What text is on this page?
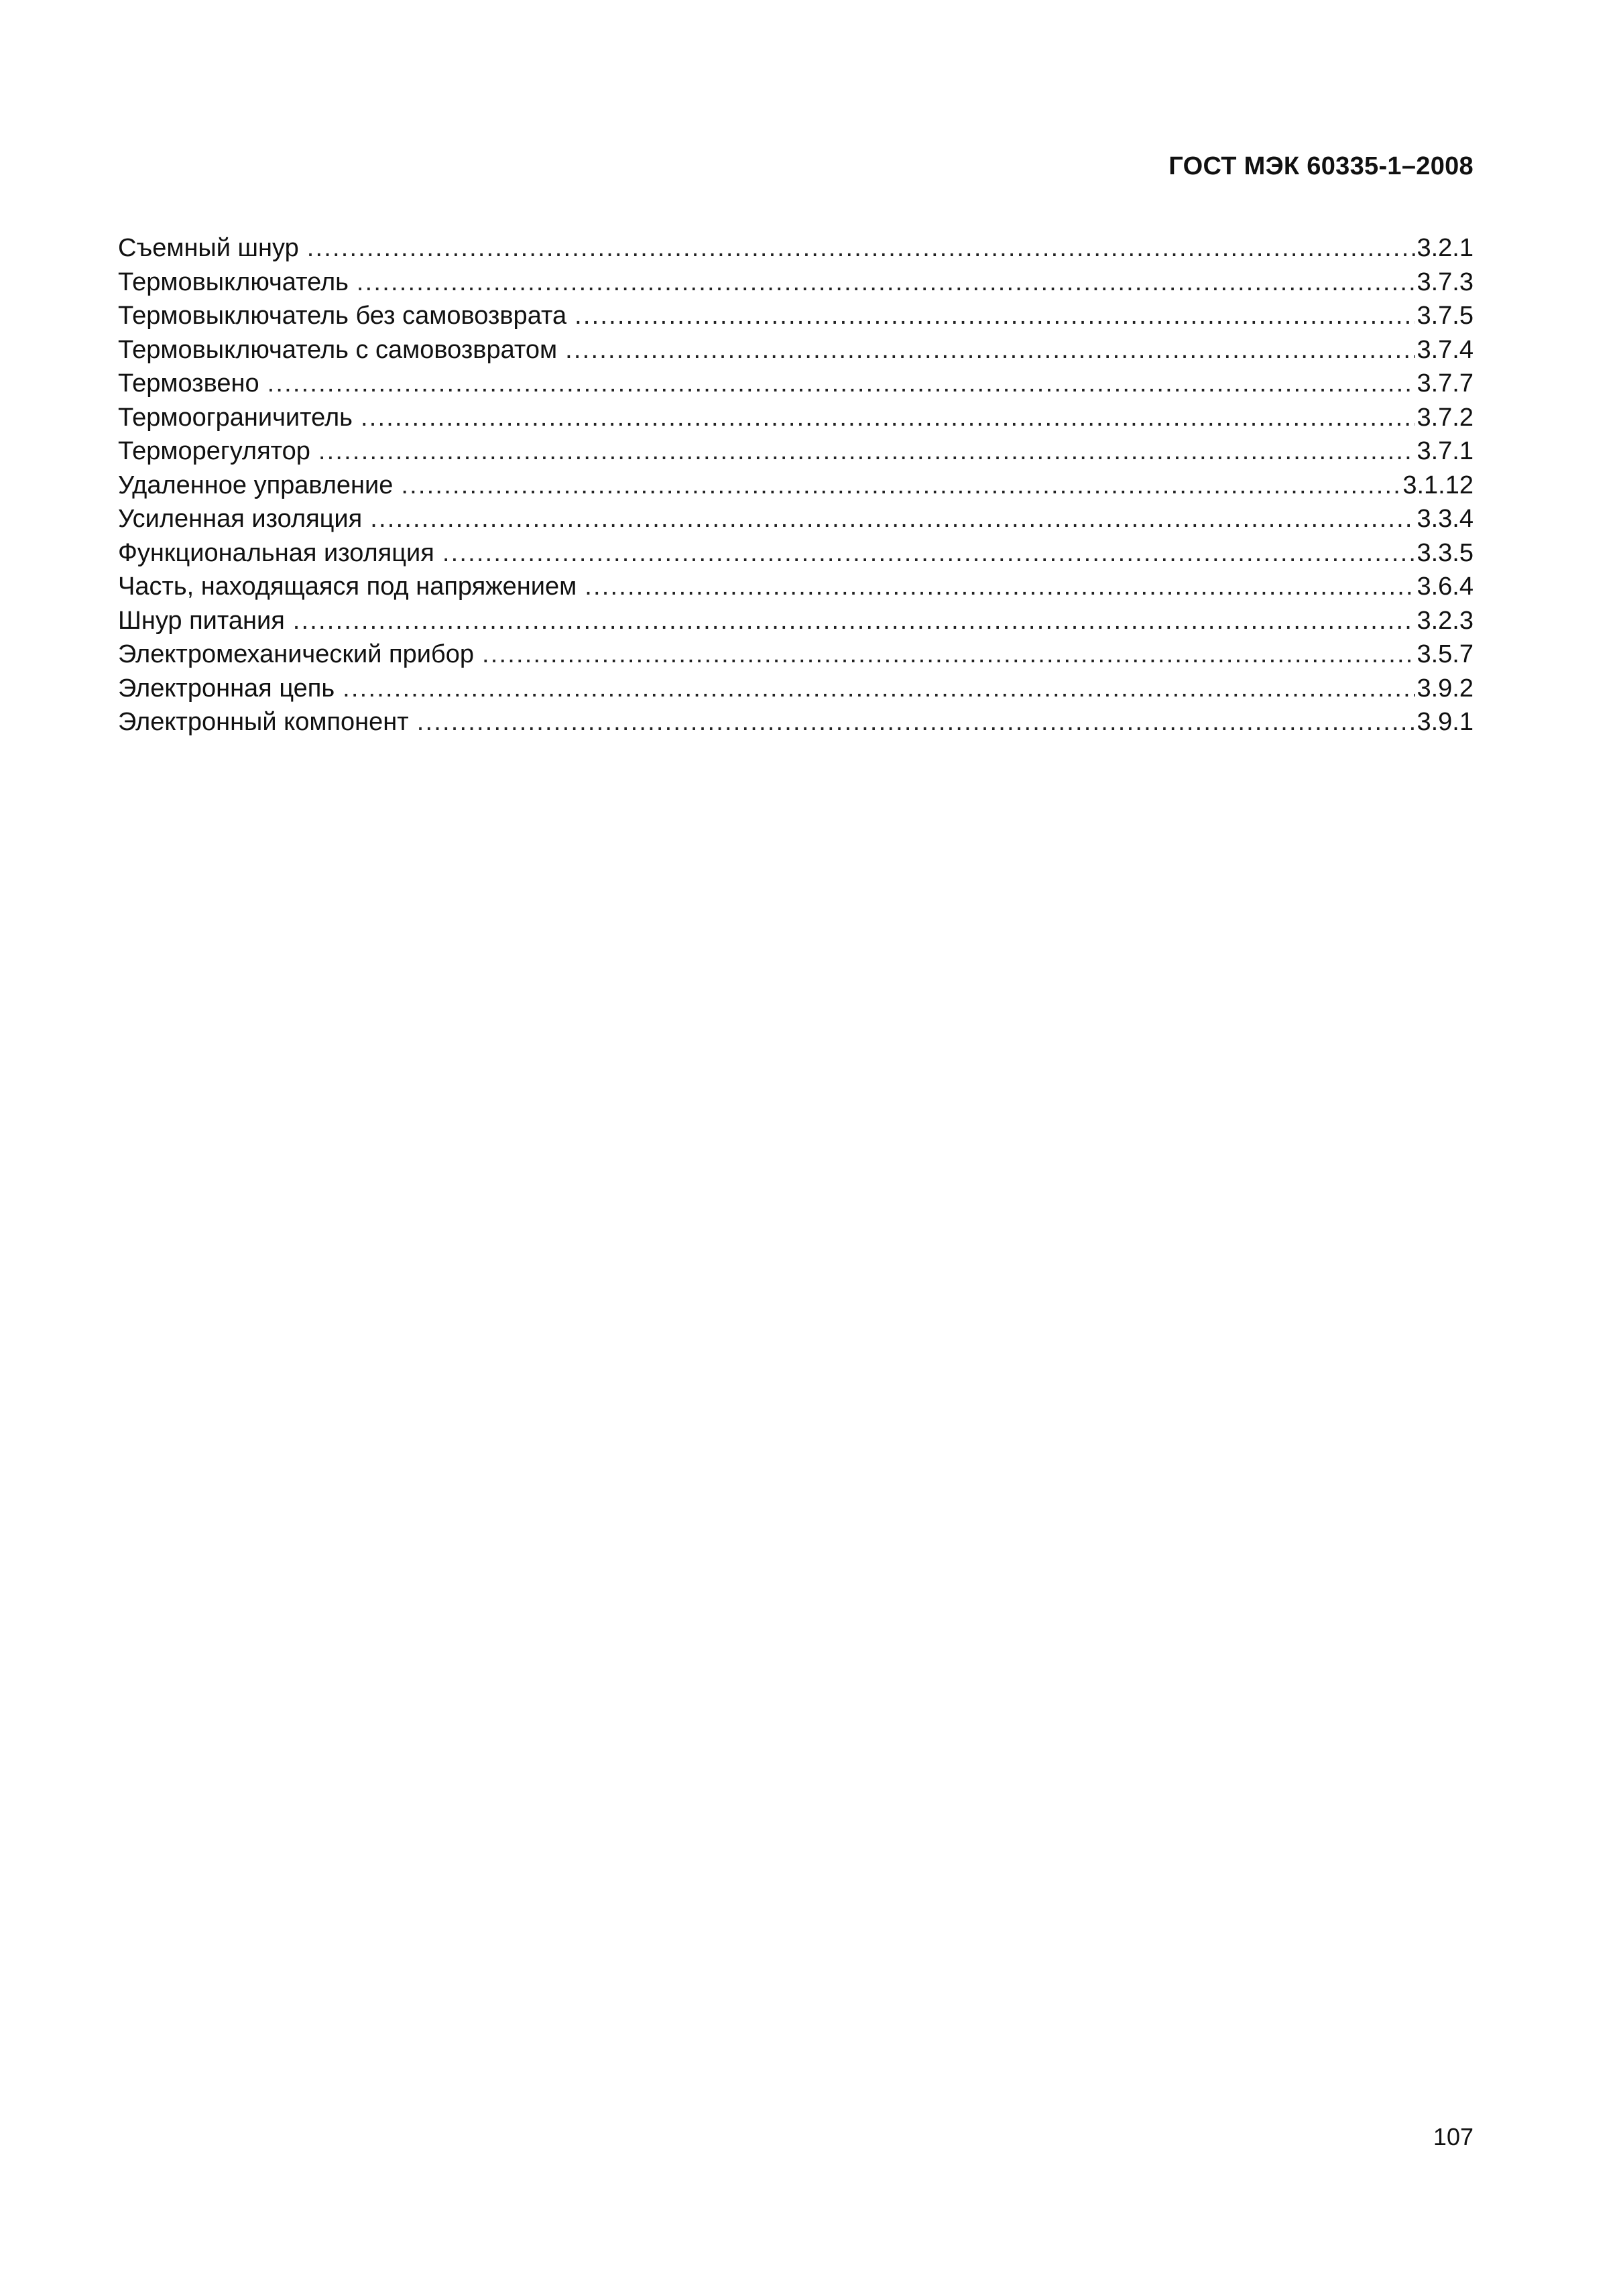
ГОСТ МЭК 60335-1–2008
Съемный шнур .....	3.2.1
Термовыключатель .....	3.7.3
Термовыключатель без самовозврата .....	3.7.5
Термовыключатель с самовозвратом .....	3.7.4
Термозвено .....	3.7.7
Термоограничитель .....	3.7.2
Терморегулятор .....	3.7.1
Удаленное управление .....	3.1.12
Усиленная изоляция .....	3.3.4
Функциональная изоляция .....	3.3.5
Часть, находящаяся под напряжением .....	3.6.4
Шнур питания .....	3.2.3
Электромеханический прибор .....	3.5.7
Электронная цепь .....	3.9.2
Электронный компонент .....	3.9.1
107
